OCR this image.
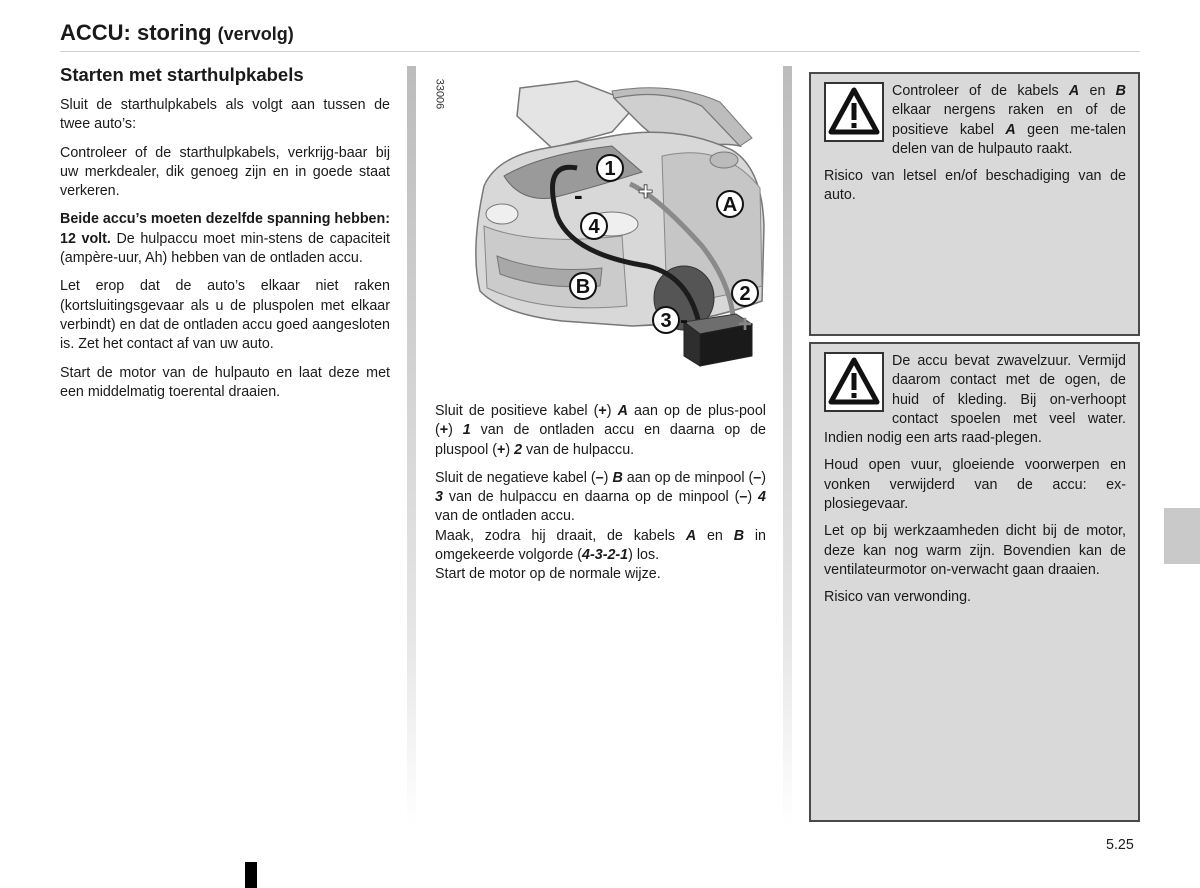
ACCU: storing (vervolg)
Starten met starthulpkabels

Sluit de starthulpkabels als volgt aan tussen de twee auto’s:

Controleer of de starthulpkabels, verkrijg-baar bij uw merkdealer, dik genoeg zijn en in goede staat verkeren.

Beide accu’s moeten dezelfde spanning hebben: 12 volt. De hulpaccu moet min-stens de capaciteit (ampère-uur, Ah) hebben van de ontladen accu.

Let erop dat de auto’s elkaar niet raken (kortsluitingsgevaar als u de pluspolen met elkaar verbindt) en dat de ontladen accu goed aangesloten is. Zet het contact af van uw auto.

Start de motor van de hulpauto en laat deze met een middelmatig toerental draaien.

33006
1
4
A
B	2
3
- +
- +

Sluit de positieve kabel (+) A aan op de plus-pool (+) 1 van de ontladen accu en daarna op de pluspool (+) 2 van de hulpaccu.

Sluit de negatieve kabel (–) B aan op de minpool (–) 3 van de hulpaccu en daarna op de minpool (–) 4 van de ontladen accu.
Maak, zodra hij draait, de kabels A en B in omgekeerde volgorde (4-3-2-1) los.
Start de motor op de normale wijze.

Controleer of de kabels A en B elkaar nergens raken en of de positieve kabel A geen me-talen delen van de hulpauto raakt.

Risico van letsel en/of beschadiging van de auto.

De accu bevat zwavelzuur. Vermijd daarom contact met de ogen, de huid of kleding. Bij on-verhoopt contact spoelen met veel water. Indien nodig een arts raad-plegen.

Houd open vuur, gloeiende voorwerpen en vonken verwijderd van de accu: ex-plosiegevaar.

Let op bij werkzaamheden dicht bij de motor, deze kan nog warm zijn. Bovendien kan de ventilateurmotor on-verwacht gaan draaien.

Risico van verwonding.

5.25
